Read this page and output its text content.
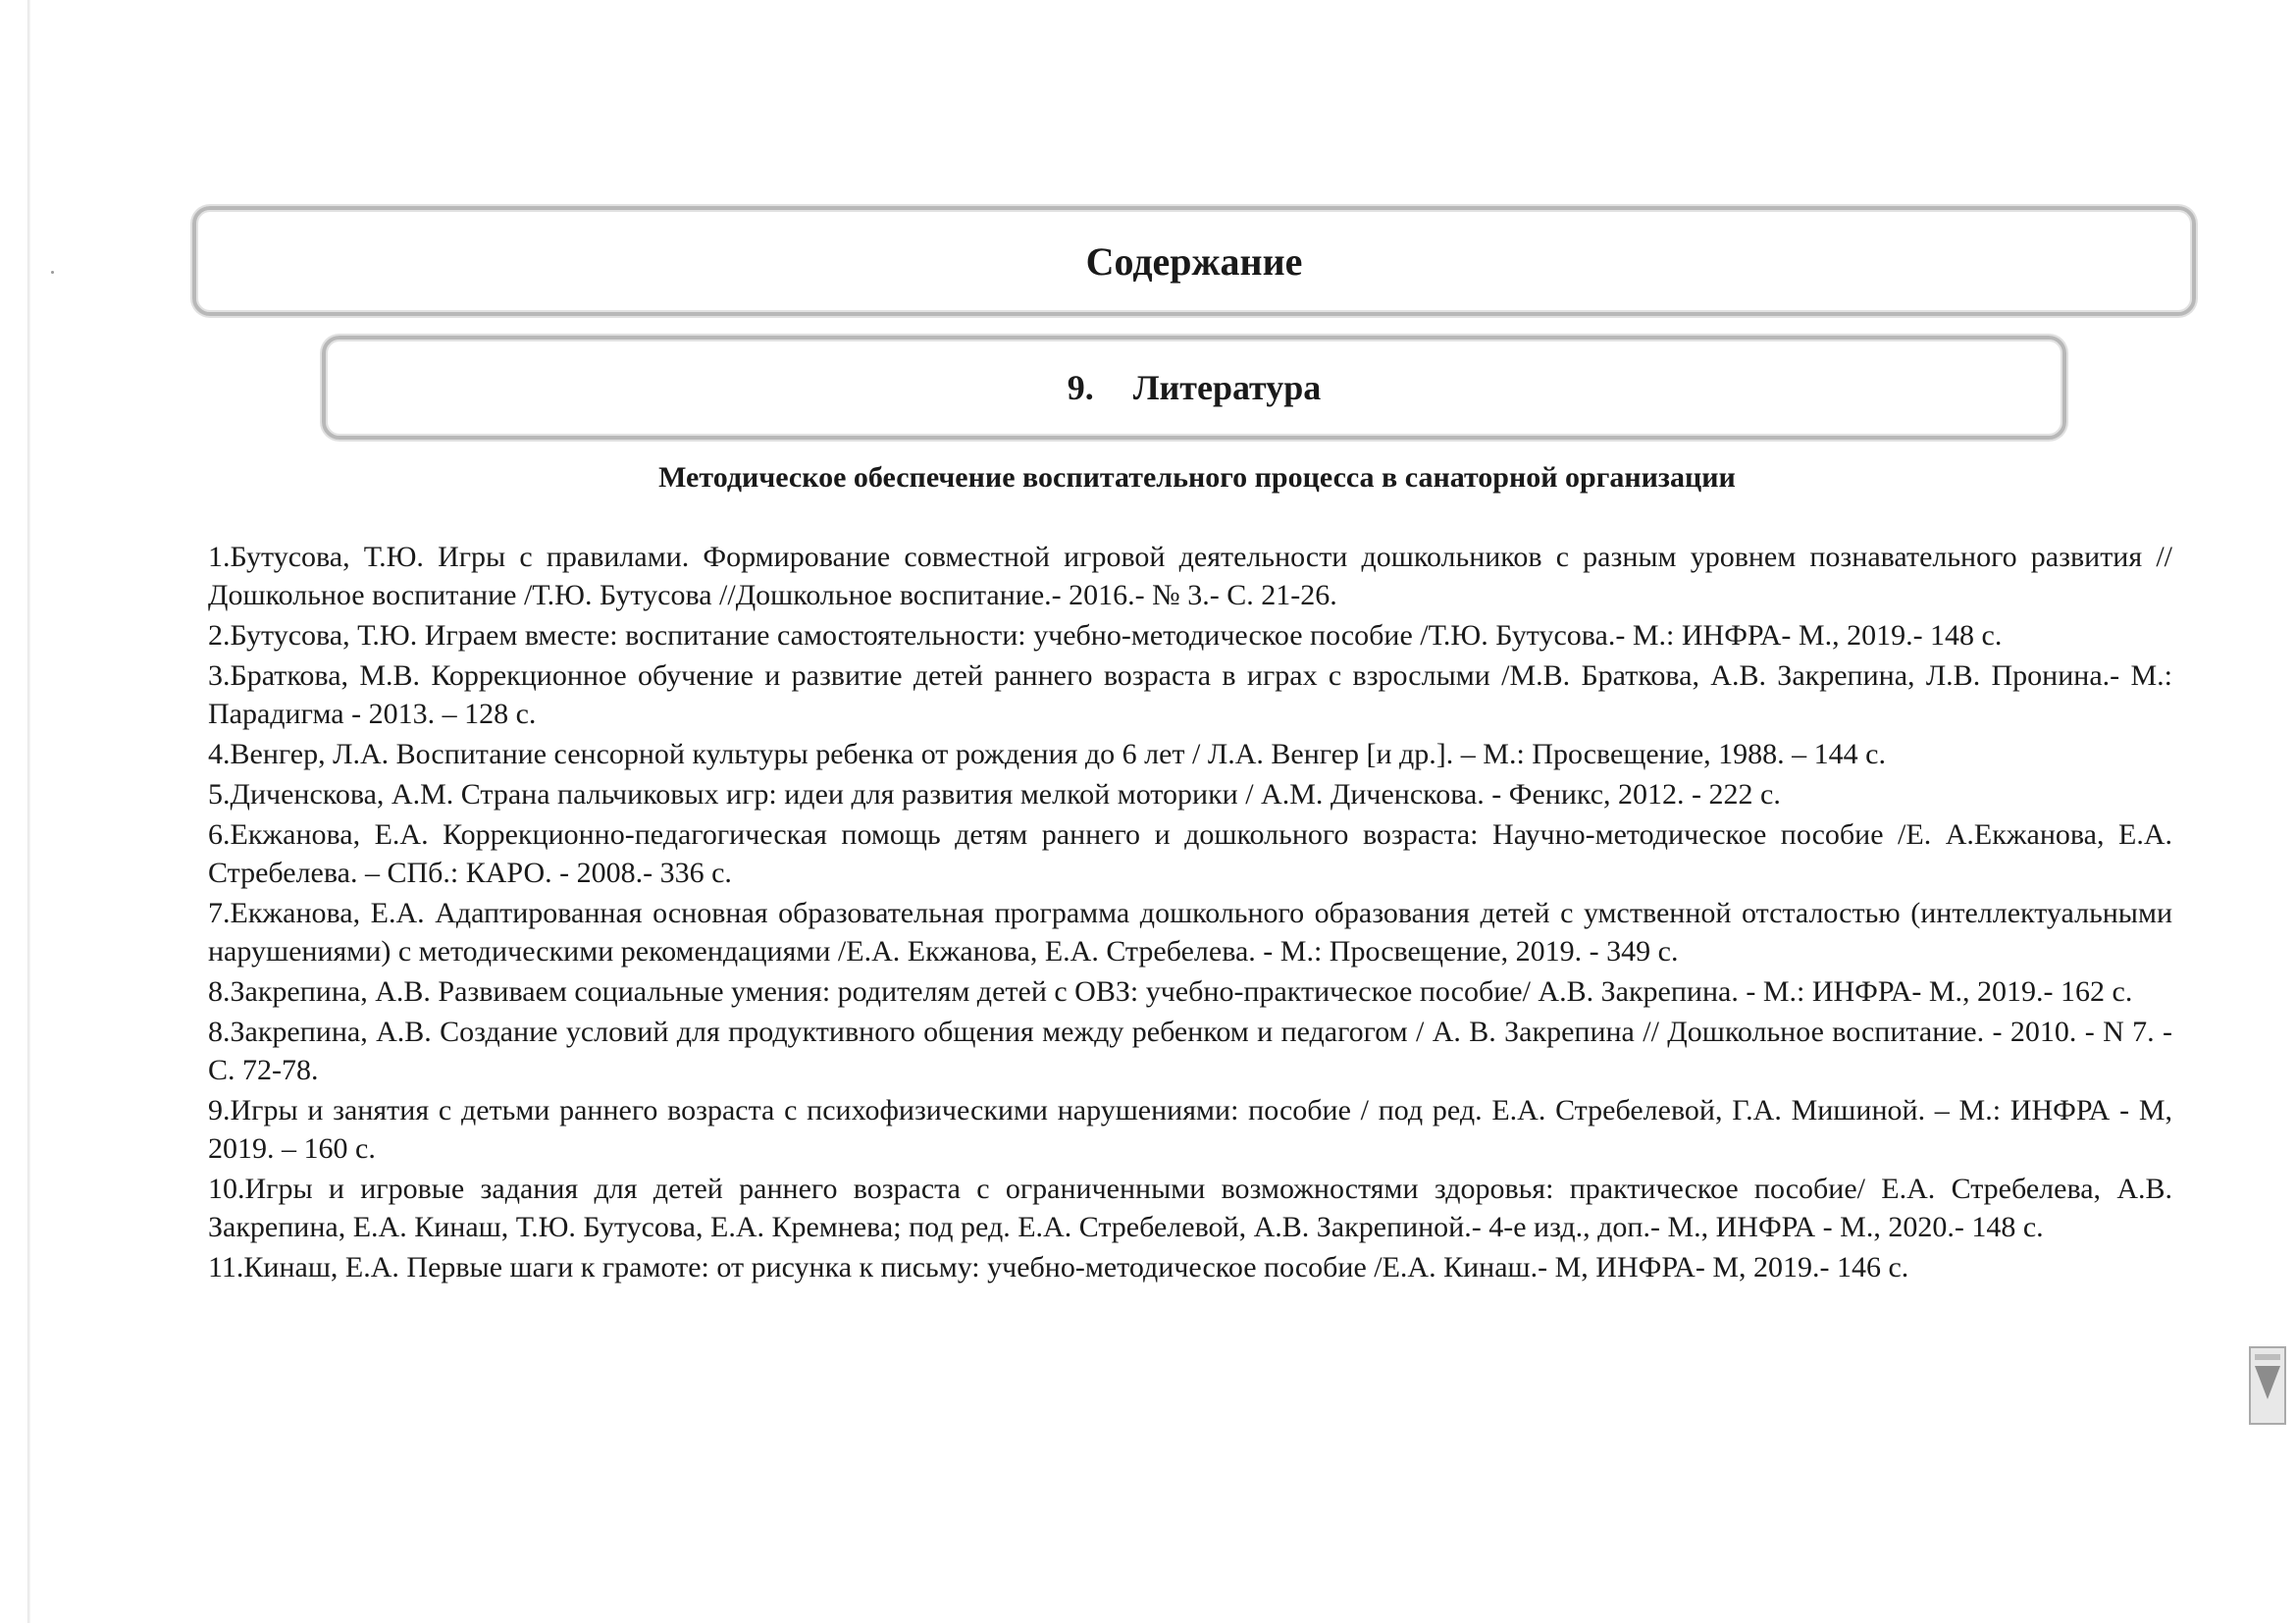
Содержание
9. Литература
Методическое обеспечение воспитательного процесса в санаторной организации
1.Бутусова, Т.Ю. Игры с правилами. Формирование совместной игровой деятельности дошкольников с разным уровнем познавательного развития //Дошкольное воспитание /Т.Ю. Бутусова //Дошкольное воспитание.- 2016.- № 3.- С. 21-26.
2.Бутусова, Т.Ю. Играем вместе: воспитание самостоятельности: учебно-методическое пособие /Т.Ю. Бутусова.- М.: ИНФРА- М., 2019.- 148 с.
3.Браткова, М.В. Коррекционное обучение и развитие детей раннего возраста в играх с взрослыми /М.В. Браткова, А.В. Закрепина, Л.В. Пронина.- М.: Парадигма - 2013. – 128 с.
4.Венгер, Л.А. Воспитание сенсорной культуры ребенка от рождения до 6 лет / Л.А. Венгер [и др.]. – М.: Просвещение, 1988. – 144 с.
5.Диченскова, А.М. Страна пальчиковых игр: идеи для развития мелкой моторики / А.М. Диченскова. - Феникс, 2012. - 222 с.
6.Екжанова, Е.А. Коррекционно-педагогическая помощь детям раннего и дошкольного возраста: Научно-методическое пособие /Е. А.Екжанова, Е.А. Стребелева. – СПб.: КАРО. - 2008.- 336 с.
7.Екжанова, Е.А. Адаптированная основная образовательная программа дошкольного образования детей с умственной отсталостью (интеллектуальными нарушениями) с методическими рекомендациями /Е.А. Екжанова, Е.А. Стребелева. - М.: Просвещение, 2019. - 349 с.
8.Закрепина, А.В. Развиваем социальные умения: родителям детей с ОВЗ: учебно-практическое пособие/ А.В. Закрепина. - М.: ИНФРА- М., 2019.- 162 с.
8.Закрепина, А.В. Создание условий для продуктивного общения между ребенком и педагогом / А. В. Закрепина // Дошкольное воспитание. - 2010. - N 7. - С. 72-78.
9.Игры и занятия с детьми раннего возраста с психофизическими нарушениями: пособие / под ред. Е.А. Стребелевой, Г.А. Мишиной. – М.: ИНФРА - М, 2019. – 160 с.
10.Игры и игровые задания для детей раннего возраста с ограниченными возможностями здоровья: практическое пособие/ Е.А. Стребелева, А.В. Закрепина, Е.А. Кинаш, Т.Ю. Бутусова, Е.А. Кремнева; под ред. Е.А. Стребелевой, А.В. Закрепиной.- 4-е изд., доп.- М., ИНФРА - М., 2020.- 148 с.
11.Кинаш, Е.А. Первые шаги к грамоте: от рисунка к письму: учебно-методическое пособие /Е.А. Кинаш.- М, ИНФРА- М, 2019.- 146 с.
